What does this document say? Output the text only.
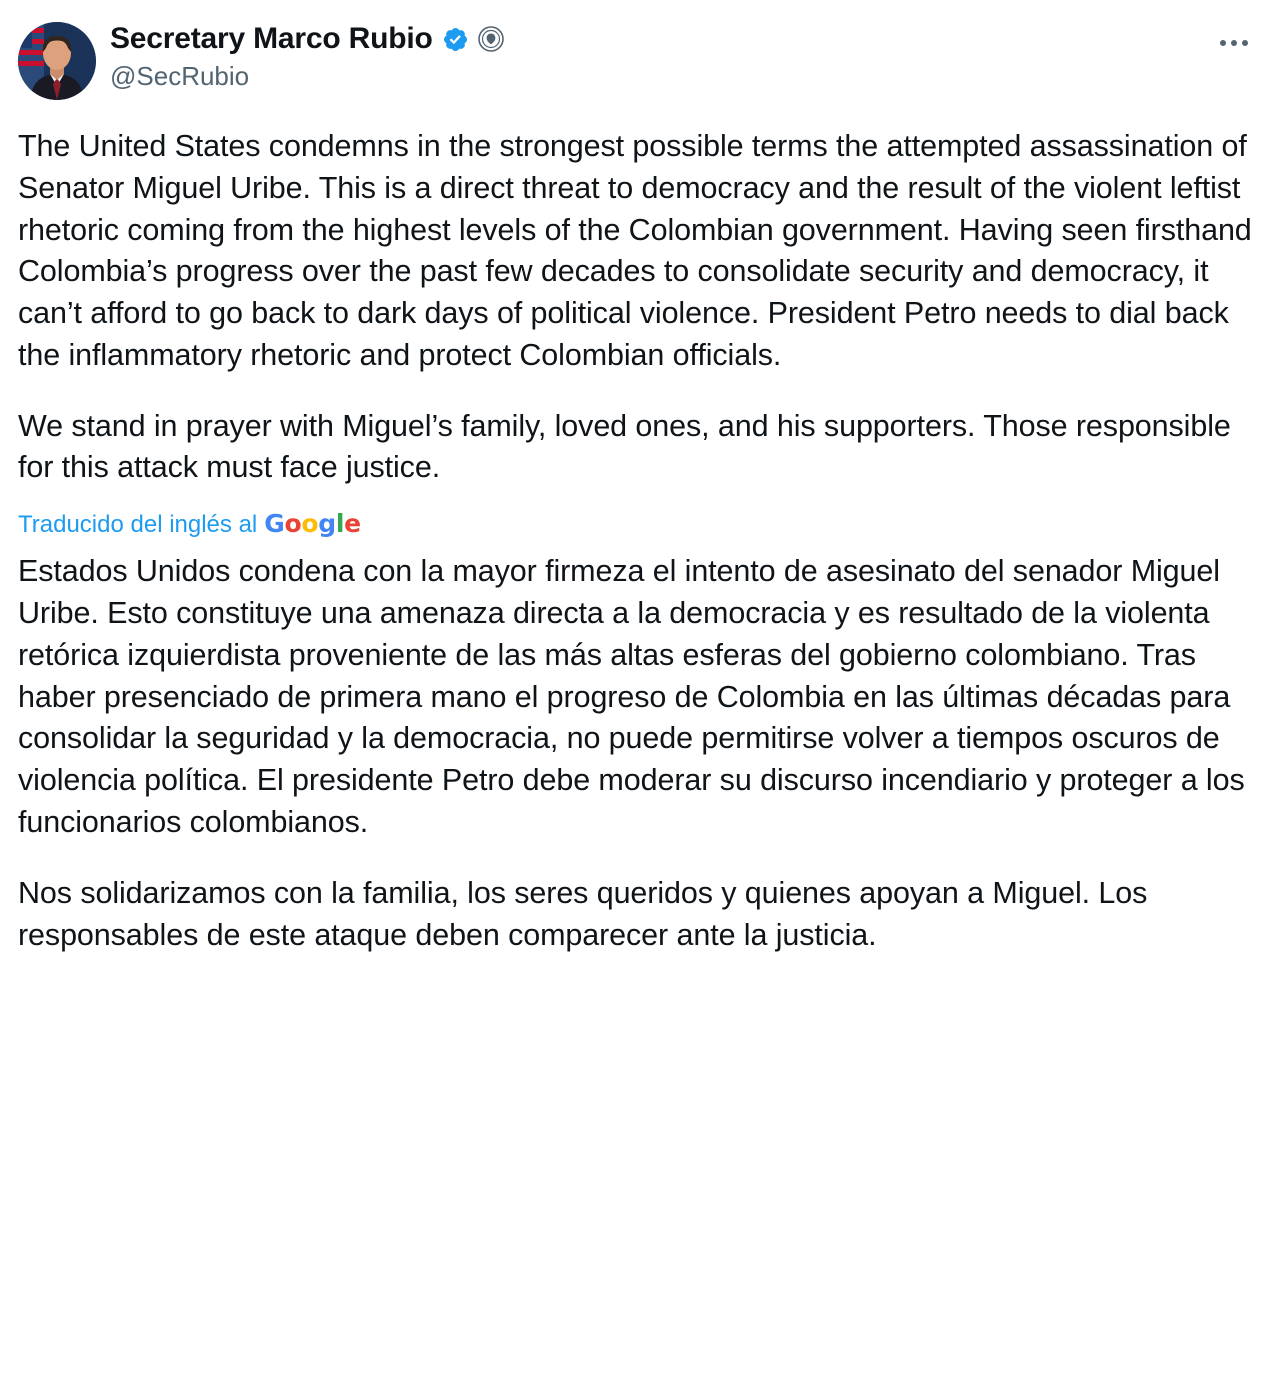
Secretary Marco Rubio
@SecRubio

The United States condemns in the strongest possible terms the attempted assassination of Senator Miguel Uribe. This is a direct threat to democracy and the result of the violent leftist rhetoric coming from the highest levels of the Colombian government. Having seen firsthand Colombia’s progress over the past few decades to consolidate security and democracy, it can’t afford to go back to dark days of political violence. President Petro needs to dial back the inflammatory rhetoric and protect Colombian officials.

We stand in prayer with Miguel’s family, loved ones, and his supporters. Those responsible for this attack must face justice.

Traducido del inglés al Google

Estados Unidos condena con la mayor firmeza el intento de asesinato del senador Miguel Uribe. Esto constituye una amenaza directa a la democracia y es resultado de la violenta retórica izquierdista proveniente de las más altas esferas del gobierno colombiano. Tras haber presenciado de primera mano el progreso de Colombia en las últimas décadas para consolidar la seguridad y la democracia, no puede permitirse volver a tiempos oscuros de violencia política. El presidente Petro debe moderar su discurso incendiario y proteger a los funcionarios colombianos.

Nos solidarizamos con la familia, los seres queridos y quienes apoyan a Miguel. Los responsables de este ataque deben comparecer ante la justicia.
